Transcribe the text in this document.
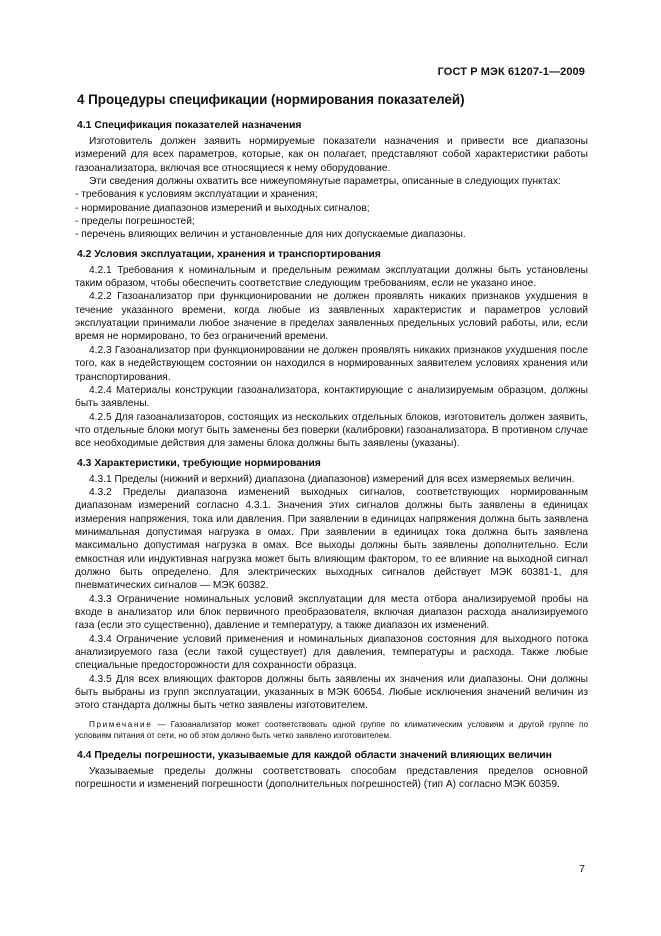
ГОСТ Р МЭК 61207-1—2009
4 Процедуры спецификации (нормирования показателей)
4.1 Спецификация показателей назначения

Изготовитель должен заявить нормируемые показатели назначения и привести все диапазоны измерений для всех параметров, которые, как он полагает, представляют собой характеристики работы газоанализатора, включая все относящиеся к нему оборудование.

Эти сведения должны охватить все нижеупомянутые параметры, описанные в следующих пунктах:

- требования к условиям эксплуатации и хранения;
- нормирование диапазонов измерений и выходных сигналов;
- пределы погрешностей;
- перечень влияющих величин и установленные для них допускаемые диапазоны.
4.2 Условия эксплуатации, хранения и транспортирования

4.2.1 Требования к номинальным и предельным режимам эксплуатации должны быть установлены таким образом, чтобы обеспечить соответствие следующим требованиям, если не указано иное.

4.2.2 Газоанализатор при функционировании не должен проявлять никаких признаков ухудшения в течение указанного времени, когда любые из заявленных характеристик и параметров условий эксплуатации принимали любое значение в пределах заявленных предельных условий работы, или, если время не нормировано, то без ограничений времени.

4.2.3 Газоанализатор при функционировании не должен проявлять никаких признаков ухудшения после того, как в недействующем состоянии он находился в нормированных заявителем условиях хранения или транспортирования.

4.2.4 Материалы конструкции газоанализатора, контактирующие с анализируемым образцом, должны быть заявлены.

4.2.5 Для газоанализаторов, состоящих из нескольких отдельных блоков, изготовитель должен заявить, что отдельные блоки могут быть заменены без поверки (калибровки) газоанализатора. В противном случае все необходимые действия для замены блока должны быть заявлены (указаны).

4.3 Характеристики, требующие нормирования

4.3.1 Пределы (нижний и верхний) диапазона (диапазонов) измерений для всех измеряемых величин.

4.3.2 Пределы диапазона изменений выходных сигналов, соответствующих нормированным диапазонам измерений согласно 4.3.1. Значения этих сигналов должны быть заявлены в единицах измерения напряжения, тока или давления. При заявлении в единицах напряжения должна быть заявлена минимальная допустимая нагрузка в омах. При заявлении в единицах тока должна быть заявлена максимально допустимая нагрузка в омах. Все выходы должны быть заявлены дополнительно. Если емкостная или индуктивная нагрузка может быть влияющим фактором, то ее влияние на выходной сигнал должно быть определено. Для электрических выходных сигналов действует МЭК 60381-1, для пневматических сигналов — МЭК 60382.

4.3.3 Ограничение номинальных условий эксплуатации для места отбора анализируемой пробы на входе в анализатор или блок первичного преобразователя, включая диапазон расхода анализируемого газа (если это существенно), давление и температуру, а также диапазон их изменений.

4.3.4 Ограничение условий применения и номинальных диапазонов состояния для выходного потока анализируемого газа (если такой существует) для давления, температуры и расхода. Также любые специальные предосторожности для сохранности образца.

4.3.5 Для всех влияющих факторов должны быть заявлены их значения или диапазоны. Они должны быть выбраны из групп эксплуатации, указанных в МЭК 60654. Любые исключения значений величин из этого стандарта должны быть четко заявлены изготовителем.

Примечание — Газоанализатор может соответствовать одной группе по климатическим условиям и другой группе по условиям питания от сети, но об этом должно быть четко заявлено изготовителем.
4.4 Пределы погрешности, указываемые для каждой области значений влияющих величин

Указываемые пределы должны соответствовать способам представления пределов основной погрешности и изменений погрешности (дополнительных погрешностей) (тип А) согласно МЭК 60359.

7
